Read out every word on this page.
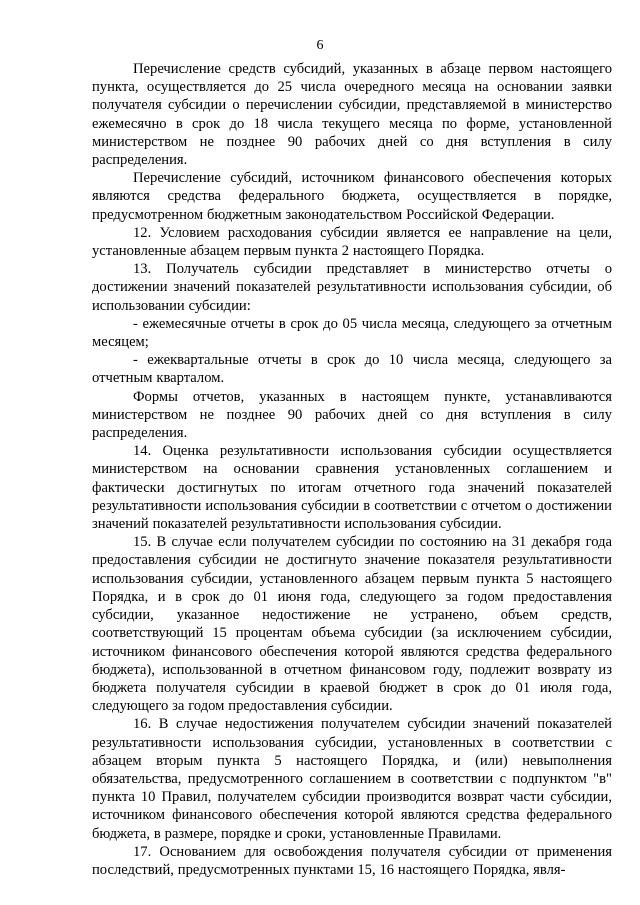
6

Перечисление средств субсидий, указанных в абзаце первом настоящего пункта, осуществляется до 25 числа очередного месяца на основании заявки получателя субсидии о перечислении субсидии, представляемой в министерство ежемесячно в срок до 18 числа текущего месяца по форме, установленной министерством не позднее 90 рабочих дней со дня вступления в силу распределения.

Перечисление субсидий, источником финансового обеспечения которых являются средства федерального бюджета, осуществляется в порядке, предусмотренном бюджетным законодательством Российской Федерации.

12. Условием расходования субсидии является ее направление на цели, установленные абзацем первым пункта 2 настоящего Порядка.

13. Получатель субсидии представляет в министерство отчеты о достижении значений показателей результативности использования субсидии, об использовании субсидии:

- ежемесячные отчеты в срок до 05 числа месяца, следующего за отчетным месяцем;

- ежеквартальные отчеты в срок до 10 числа месяца, следующего за отчетным кварталом.

Формы отчетов, указанных в настоящем пункте, устанавливаются министерством не позднее 90 рабочих дней со дня вступления в силу распределения.

14. Оценка результативности использования субсидии осуществляется министерством на основании сравнения установленных соглашением и фактически достигнутых по итогам отчетного года значений показателей результативности использования субсидии в соответствии с отчетом о достижении значений показателей результативности использования субсидии.

15. В случае если получателем субсидии по состоянию на 31 декабря года предоставления субсидии не достигнуто значение показателя результативности использования субсидии, установленного абзацем первым пункта 5 настоящего Порядка, и в срок до 01 июня года, следующего за годом предоставления субсидии, указанное недостижение не устранено, объем средств, соответствующий 15 процентам объема субсидии (за исключением субсидии, источником финансового обеспечения которой являются средства федерального бюджета), использованной в отчетном финансовом году, подлежит возврату из бюджета получателя субсидии в краевой бюджет в срок до 01 июля года, следующего за годом предоставления субсидии.

16. В случае недостижения получателем субсидии значений показателей результативности использования субсидии, установленных в соответствии с абзацем вторым пункта 5 настоящего Порядка, и (или) невыполнения обязательства, предусмотренного соглашением в соответствии с подпунктом "в" пункта 10 Правил, получателем субсидии производится возврат части субсидии, источником финансового обеспечения которой являются средства федерального бюджета, в размере, порядке и сроки, установленные Правилами.

17. Основанием для освобождения получателя субсидии от применения последствий, предусмотренных пунктами 15, 16 настоящего Порядка, явля-
